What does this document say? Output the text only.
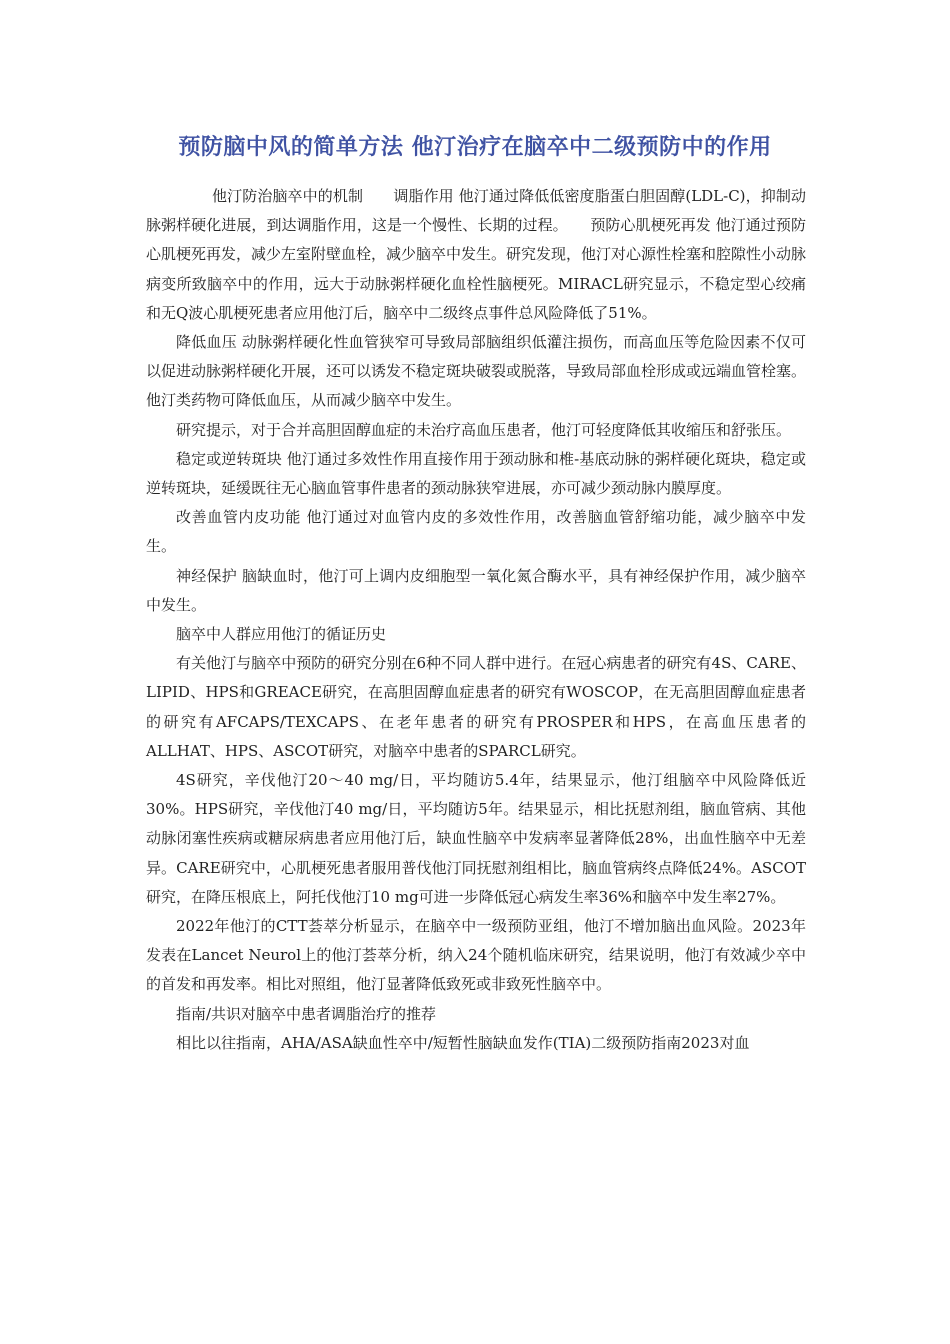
预防脑中风的简单方法 他汀治疗在脑卒中二级预防中的作用

他汀防治脑卒中的机制　　调脂作用 他汀通过降低低密度脂蛋白胆固醇(LDL-C)，抑制动脉粥样硬化进展，到达调脂作用，这是一个慢性、长期的过程。　　预防心肌梗死再发 他汀通过预防心肌梗死再发，减少左室附壁血栓，减少脑卒中发生。研究发现，他汀对心源性栓塞和腔隙性小动脉病变所致脑卒中的作用，远大于动脉粥样硬化血栓性脑梗死。MIRACL研究显示，不稳定型心绞痛和无Q波心肌梗死患者应用他汀后，脑卒中二级终点事件总风险降低了51%。

降低血压 动脉粥样硬化性血管狭窄可导致局部脑组织低灌注损伤，而高血压等危险因素不仅可以促进动脉粥样硬化开展，还可以诱发不稳定斑块破裂或脱落，导致局部血栓形成或远端血管栓塞。他汀类药物可降低血压，从而减少脑卒中发生。

研究提示，对于合并高胆固醇血症的未治疗高血压患者，他汀可轻度降低其收缩压和舒张压。

稳定或逆转斑块 他汀通过多效性作用直接作用于颈动脉和椎-基底动脉的粥样硬化斑块，稳定或逆转斑块，延缓既往无心脑血管事件患者的颈动脉狭窄进展，亦可减少颈动脉内膜厚度。

改善血管内皮功能 他汀通过对血管内皮的多效性作用，改善脑血管舒缩功能，减少脑卒中发生。

神经保护 脑缺血时，他汀可上调内皮细胞型一氧化氮合酶水平，具有神经保护作用，减少脑卒中发生。

脑卒中人群应用他汀的循证历史

有关他汀与脑卒中预防的研究分别在6种不同人群中进行。在冠心病患者的研究有4S、CARE、LIPID、HPS和GREACE研究，在高胆固醇血症患者的研究有WOSCOP，在无高胆固醇血症患者的研究有AFCAPS/TEXCAPS、在老年患者的研究有PROSPER和HPS，在高血压患者的ALLHAT、HPS、ASCOT研究，对脑卒中患者的SPARCL研究。

4S研究，辛伐他汀20～40 mg/日，平均随访5.4年，结果显示，他汀组脑卒中风险降低近30%。HPS研究，辛伐他汀40 mg/日，平均随访5年。结果显示，相比抚慰剂组，脑血管病、其他动脉闭塞性疾病或糖尿病患者应用他汀后，缺血性脑卒中发病率显著降低28%，出血性脑卒中无差异。CARE研究中，心肌梗死患者服用普伐他汀同抚慰剂组相比，脑血管病终点降低24%。ASCOT研究，在降压根底上，阿托伐他汀10 mg可进一步降低冠心病发生率36%和脑卒中发生率27%。

2022年他汀的CTT荟萃分析显示，在脑卒中一级预防亚组，他汀不增加脑出血风险。2023年发表在Lancet Neurol上的他汀荟萃分析，纳入24个随机临床研究，结果说明，他汀有效减少卒中的首发和再发率。相比对照组，他汀显著降低致死或非致死性脑卒中。

指南/共识对脑卒中患者调脂治疗的推荐

相比以往指南，AHA/ASA缺血性卒中/短暂性脑缺血发作(TIA)二级预防指南2023对血
